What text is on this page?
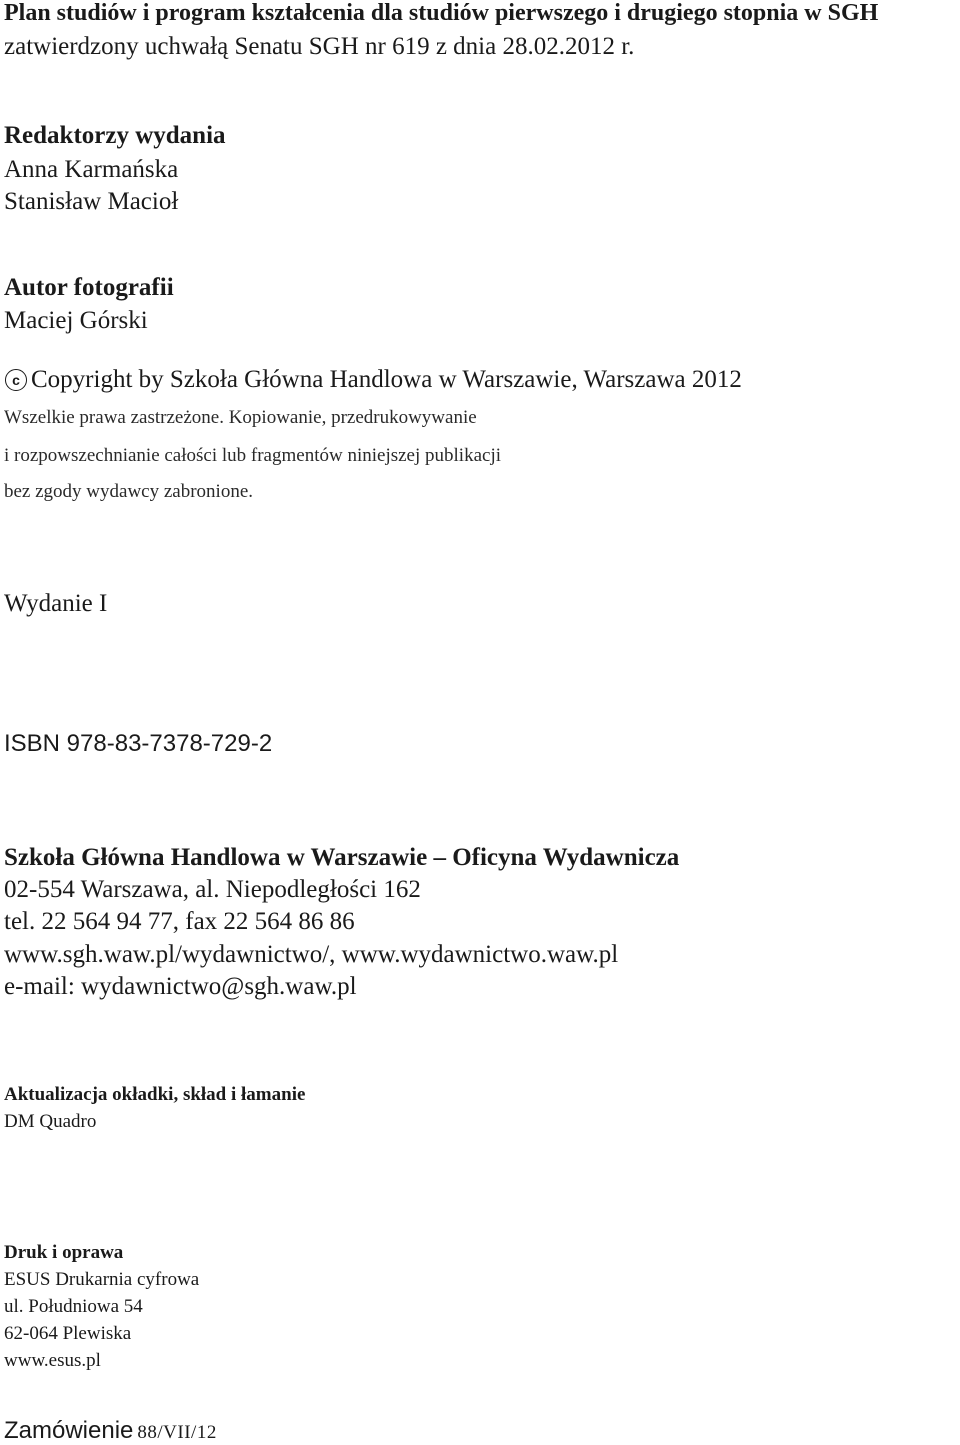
Plan studiów i program kształcenia dla studiów pierwszego i drugiego stopnia w SGH
zatwierdzony uchwałą Senatu SGH nr 619 z dnia 28.02.2012 r.
Redaktorzy wydania
Anna Karmańska
Stanisław Macioł
Autor fotografii
Maciej Górski
c Copyright by Szkoła Główna Handlowa w Warszawie, Warszawa 2012
Wszelkie prawa zastrzeżone. Kopiowanie, przedrukowywanie
i rozpowszechnianie całości lub fragmentów niniejszej publikacji
bez zgody wydawcy zabronione.
Wydanie I
ISBN 978-83-7378-729-2
Szkoła Główna Handlowa w Warszawie – Oficyna Wydawnicza
02-554 Warszawa, al. Niepodległości 162
tel. 22 564 94 77, fax 22 564 86 86
www.sgh.waw.pl/wydawnictwo/, www.wydawnictwo.waw.pl
e-mail: wydawnictwo@sgh.waw.pl
Aktualizacja okładki, skład i łamanie
DM Quadro
Druk i oprawa
ESUS Drukarnia cyfrowa
ul. Południowa 54
62-064 Plewiska
www.esus.pl
Zamówienie 88/VII/12
